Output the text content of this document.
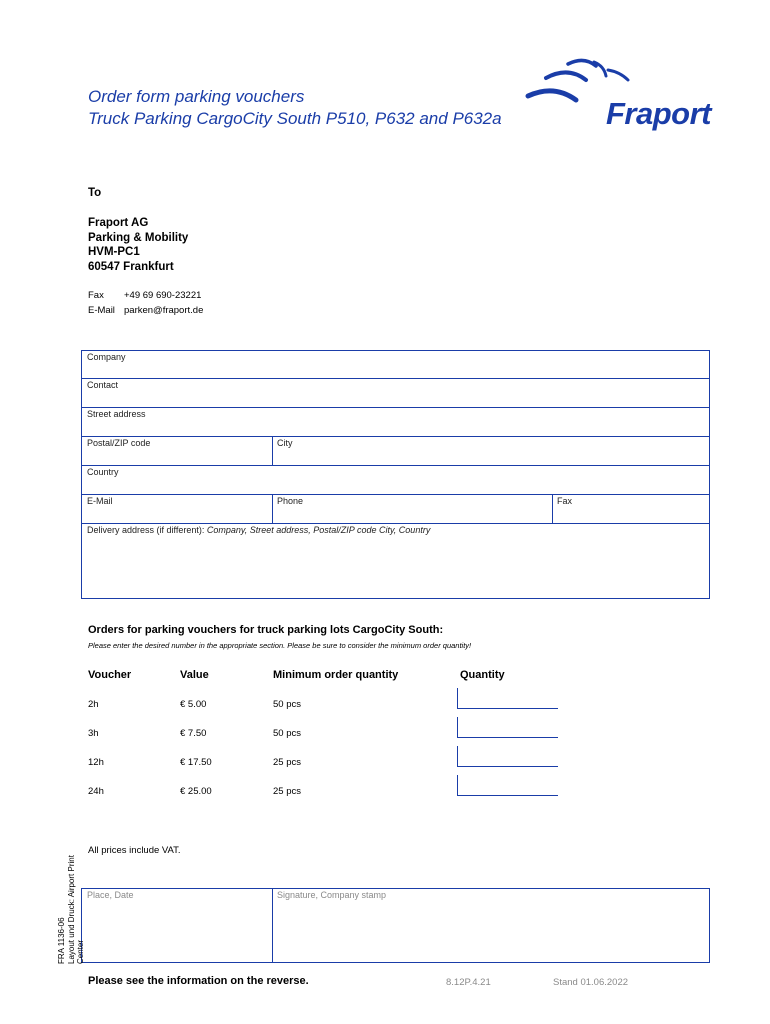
Order form parking vouchers
Truck Parking CargoCity South P510, P632 and P632a	Fraport
To
Fraport AG
Parking & Mobility
HVM-PC1
60547 Frankfurt
Fax +49 69 690-23221
E-Mail parken@fraport.de
Company
Contact
Street address
Postal/ZIP code	City
Country
E-Mail	Phone	Fax
Delivery address (if different): Company, Street address, Postal/ZIP code City, Country
Orders for parking vouchers for truck parking lots CargoCity South:
Please enter the desired number in the appropriate section. Please be sure to consider the minimum order quantity!
Voucher	Value	Minimum order quantity	Quantity
2h	€ 5.00	50 pcs
3h	€ 7.50	50 pcs
12h	€ 17.50	25 pcs
24h	€ 25.00	25 pcs
All prices include VAT.
Place, Date	Signature, Company stamp
Please see the information on the reverse.	8.12P.4.21	Stand 01.06.2022
FRA 1136-06 Layout und Druck: Airport Print Center
